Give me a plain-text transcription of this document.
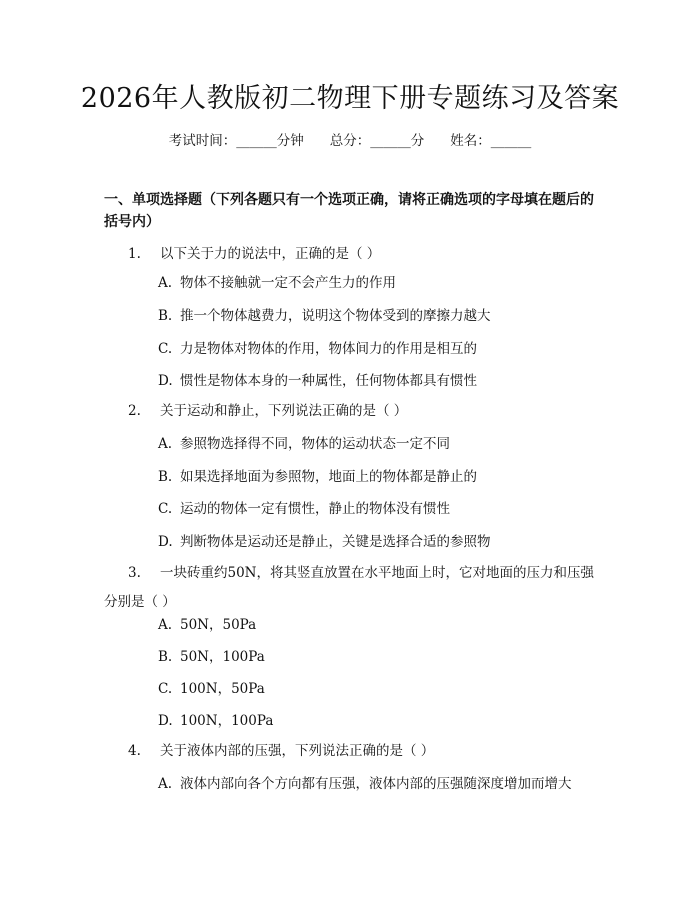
2026年人教版初二物理下册专题练习及答案
考试时间：______分钟 总分：______分 姓名：______
一、单项选择题（下列各题只有一个选项正确，请将正确选项的字母填在题后的括号内）
1. 以下关于力的说法中，正确的是（ ）
A. 物体不接触就一定不会产生力的作用
B. 推一个物体越费力，说明这个物体受到的摩擦力越大
C. 力是物体对物体的作用，物体间力的作用是相互的
D. 惯性是物体本身的一种属性，任何物体都具有惯性
2. 关于运动和静止，下列说法正确的是（ ）
A. 参照物选择得不同，物体的运动状态一定不同
B. 如果选择地面为参照物，地面上的物体都是静止的
C. 运动的物体一定有惯性，静止的物体没有惯性
D. 判断物体是运动还是静止，关键是选择合适的参照物
3. 一块砖重约50N，将其竖直放置在水平地面上时，它对地面的压力和压强分别是（ ）
A. 50N，50Pa
B. 50N，100Pa
C. 100N，50Pa
D. 100N，100Pa
4. 关于液体内部的压强，下列说法正确的是（ ）
A. 液体内部向各个方向都有压强，液体内部的压强随深度增加而增大
